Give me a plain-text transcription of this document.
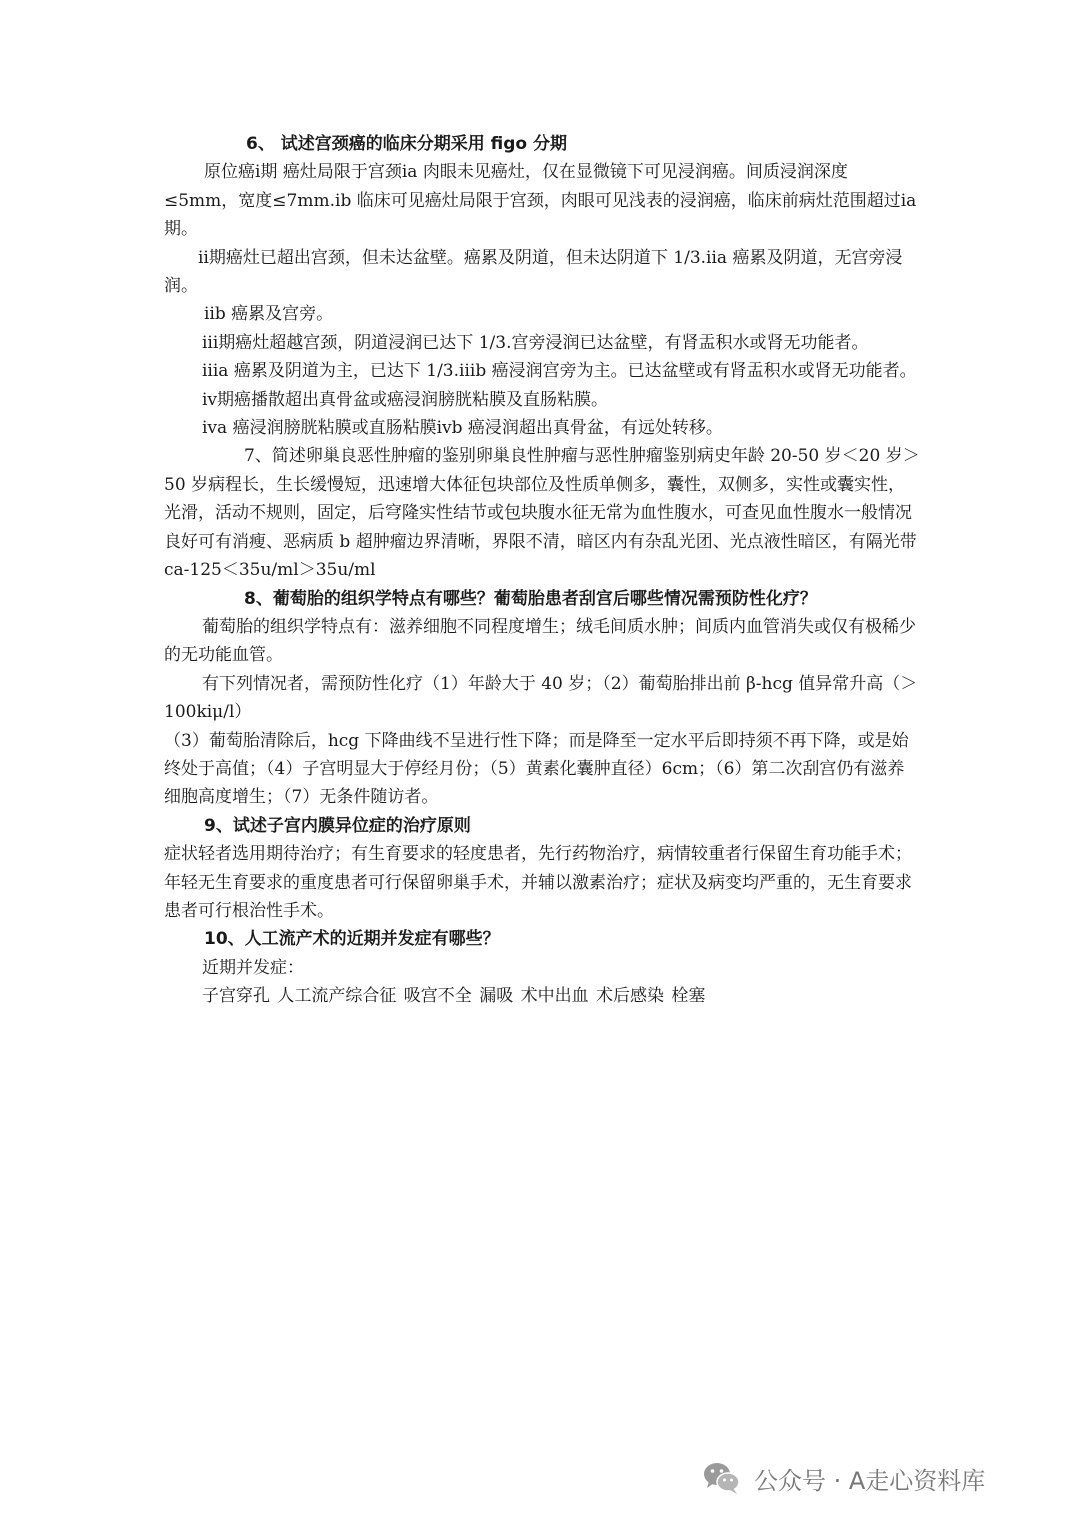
6、 试述宫颈癌的临床分期采用 figo 分期

原位癌ⅰ期 癌灶局限于宫颈ⅰa 肉眼未见癌灶，仅在显微镜下可见浸润癌。间质浸润深度≤5mm，宽度≤7mm.ⅰb 临床可见癌灶局限于宫颈，肉眼可见浅表的浸润癌，临床前病灶范围超过ⅰa 期。

ⅱ期癌灶已超出宫颈，但未达盆壁。癌累及阴道，但未达阴道下 1/3.ⅱa 癌累及阴道，无宫旁浸润。

ⅱb 癌累及宫旁。

ⅲ期癌灶超越宫颈，阴道浸润已达下 1/3.宫旁浸润已达盆壁，有肾盂积水或肾无功能者。

ⅲa 癌累及阴道为主，已达下 1/3.ⅲb 癌浸润宫旁为主。已达盆壁或有肾盂积水或肾无功能者。

ⅳ期癌播散超出真骨盆或癌浸润膀胱粘膜及直肠粘膜。

ⅳa 癌浸润膀胱粘膜或直肠粘膜ⅳb 癌浸润超出真骨盆，有远处转移。

7、简述卵巢良恶性肿瘤的鉴别卵巢良性肿瘤与恶性肿瘤鉴别病史年龄 20-50 岁＜20 岁＞50 岁病程长，生长缓慢短，迅速增大体征包块部位及性质单侧多，囊性，双侧多，实性或囊实性，光滑，活动不规则，固定，后穹隆实性结节或包块腹水征无常为血性腹水，可查见血性腹水一般情况良好可有消瘦、恶病质 b 超肿瘤边界清晰，界限不清，暗区内有杂乱光团、光点液性暗区，有隔光带 ca-125＜35u/ml＞35u/ml

8、葡萄胎的组织学特点有哪些？葡萄胎患者刮宫后哪些情况需预防性化疗？

葡萄胎的组织学特点有：滋养细胞不同程度增生；绒毛间质水肿；间质内血管消失或仅有极稀少的无功能血管。

有下列情况者，需预防性化疗（1）年龄大于 40 岁；（2）葡萄胎排出前 β-hcg 值异常升高（＞100kiμ/l）

（3）葡萄胎清除后，hcg 下降曲线不呈进行性下降；而是降至一定水平后即持须不再下降，或是始终处于高值；（4）子宫明显大于停经月份；（5）黄素化囊肿直径）6cm；（6）第二次刮宫仍有滋养细胞高度增生；（7）无条件随访者。

9、试述子宫内膜异位症的治疗原则

症状轻者选用期待治疗；有生育要求的轻度患者，先行药物治疗，病情较重者行保留生育功能手术；年轻无生育要求的重度患者可行保留卵巢手术，并辅以激素治疗；症状及病变均严重的，无生育要求患者可行根治性手术。

10、人工流产术的近期并发症有哪些？

近期并发症：

子宫穿孔 人工流产综合征 吸宫不全 漏吸 术中出血 术后感染 栓塞

公众号 · A走心资料库
